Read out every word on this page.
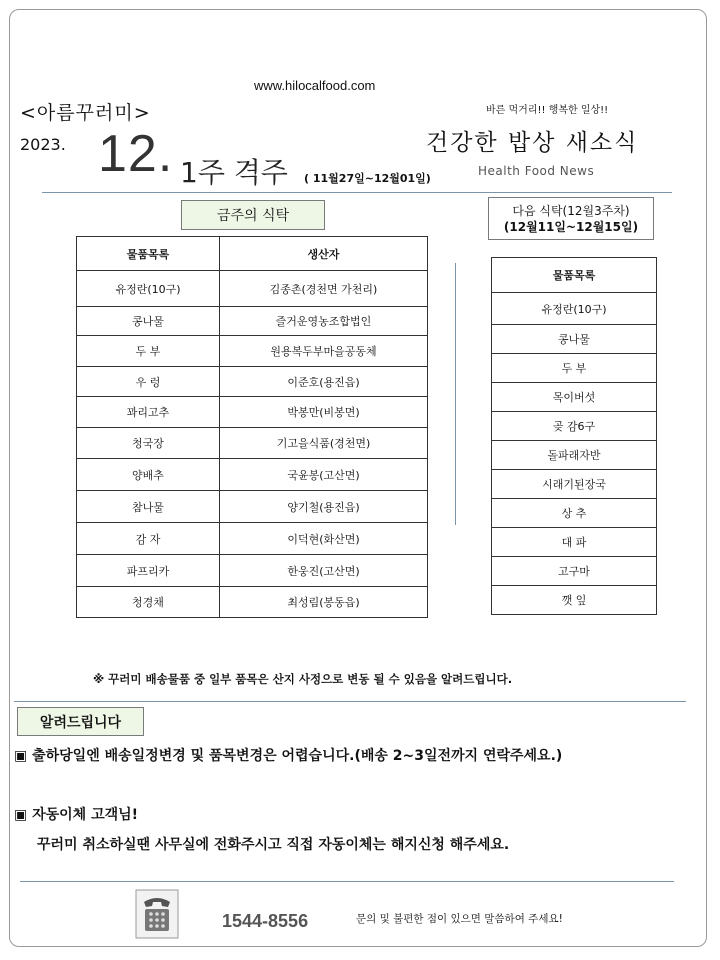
www.hilocalfood.com
<아름꾸러미>	바른 먹거리!! 행복한 일상!!
2023. 12. 1주 격주 ( 11월27일~12월01일)
건강한 밥상 새소식
Health Food News
금주의 식탁	다음 식탁(12월3주차)
(12월11일~12월15일)
물품목록	생산자
유정란(10구)	김종촌(경천면 가천리)
콩나물	즐거운영농조합법인
두 부	원용복두부마을공동체
우 렁	이준호(용진읍)
꽈리고추	박봉만(비봉면)
청국장	기고을식품(경천면)
양배추	국윤봉(고산면)
참나물	양기철(용진읍)
감 자	이덕현(화산면)
파프리카	한웅진(고산면)
청경채	최성림(봉동읍)
물품목록
유정란(10구)
콩나물
두 부
목이버섯
곶 감6구
돌파래자반
시래기된장국
상 추
대 파
고구마
깻 잎
※ 꾸러미 배송물품 중 일부 품목은 산지 사정으로 변동 될 수 있음을 알려드립니다.
알려드립니다
▣ 출하당일엔 배송일정변경 및 품목변경은 어렵습니다.(배송 2~3일전까지 연락주세요.)
▣ 자동이체 고객님!
꾸러미 취소하실땐 사무실에 전화주시고 직접 자동이체는 해지신청 해주세요.
1544-8556	문의 및 불편한 점이 있으면 말씀하여 주세요!
